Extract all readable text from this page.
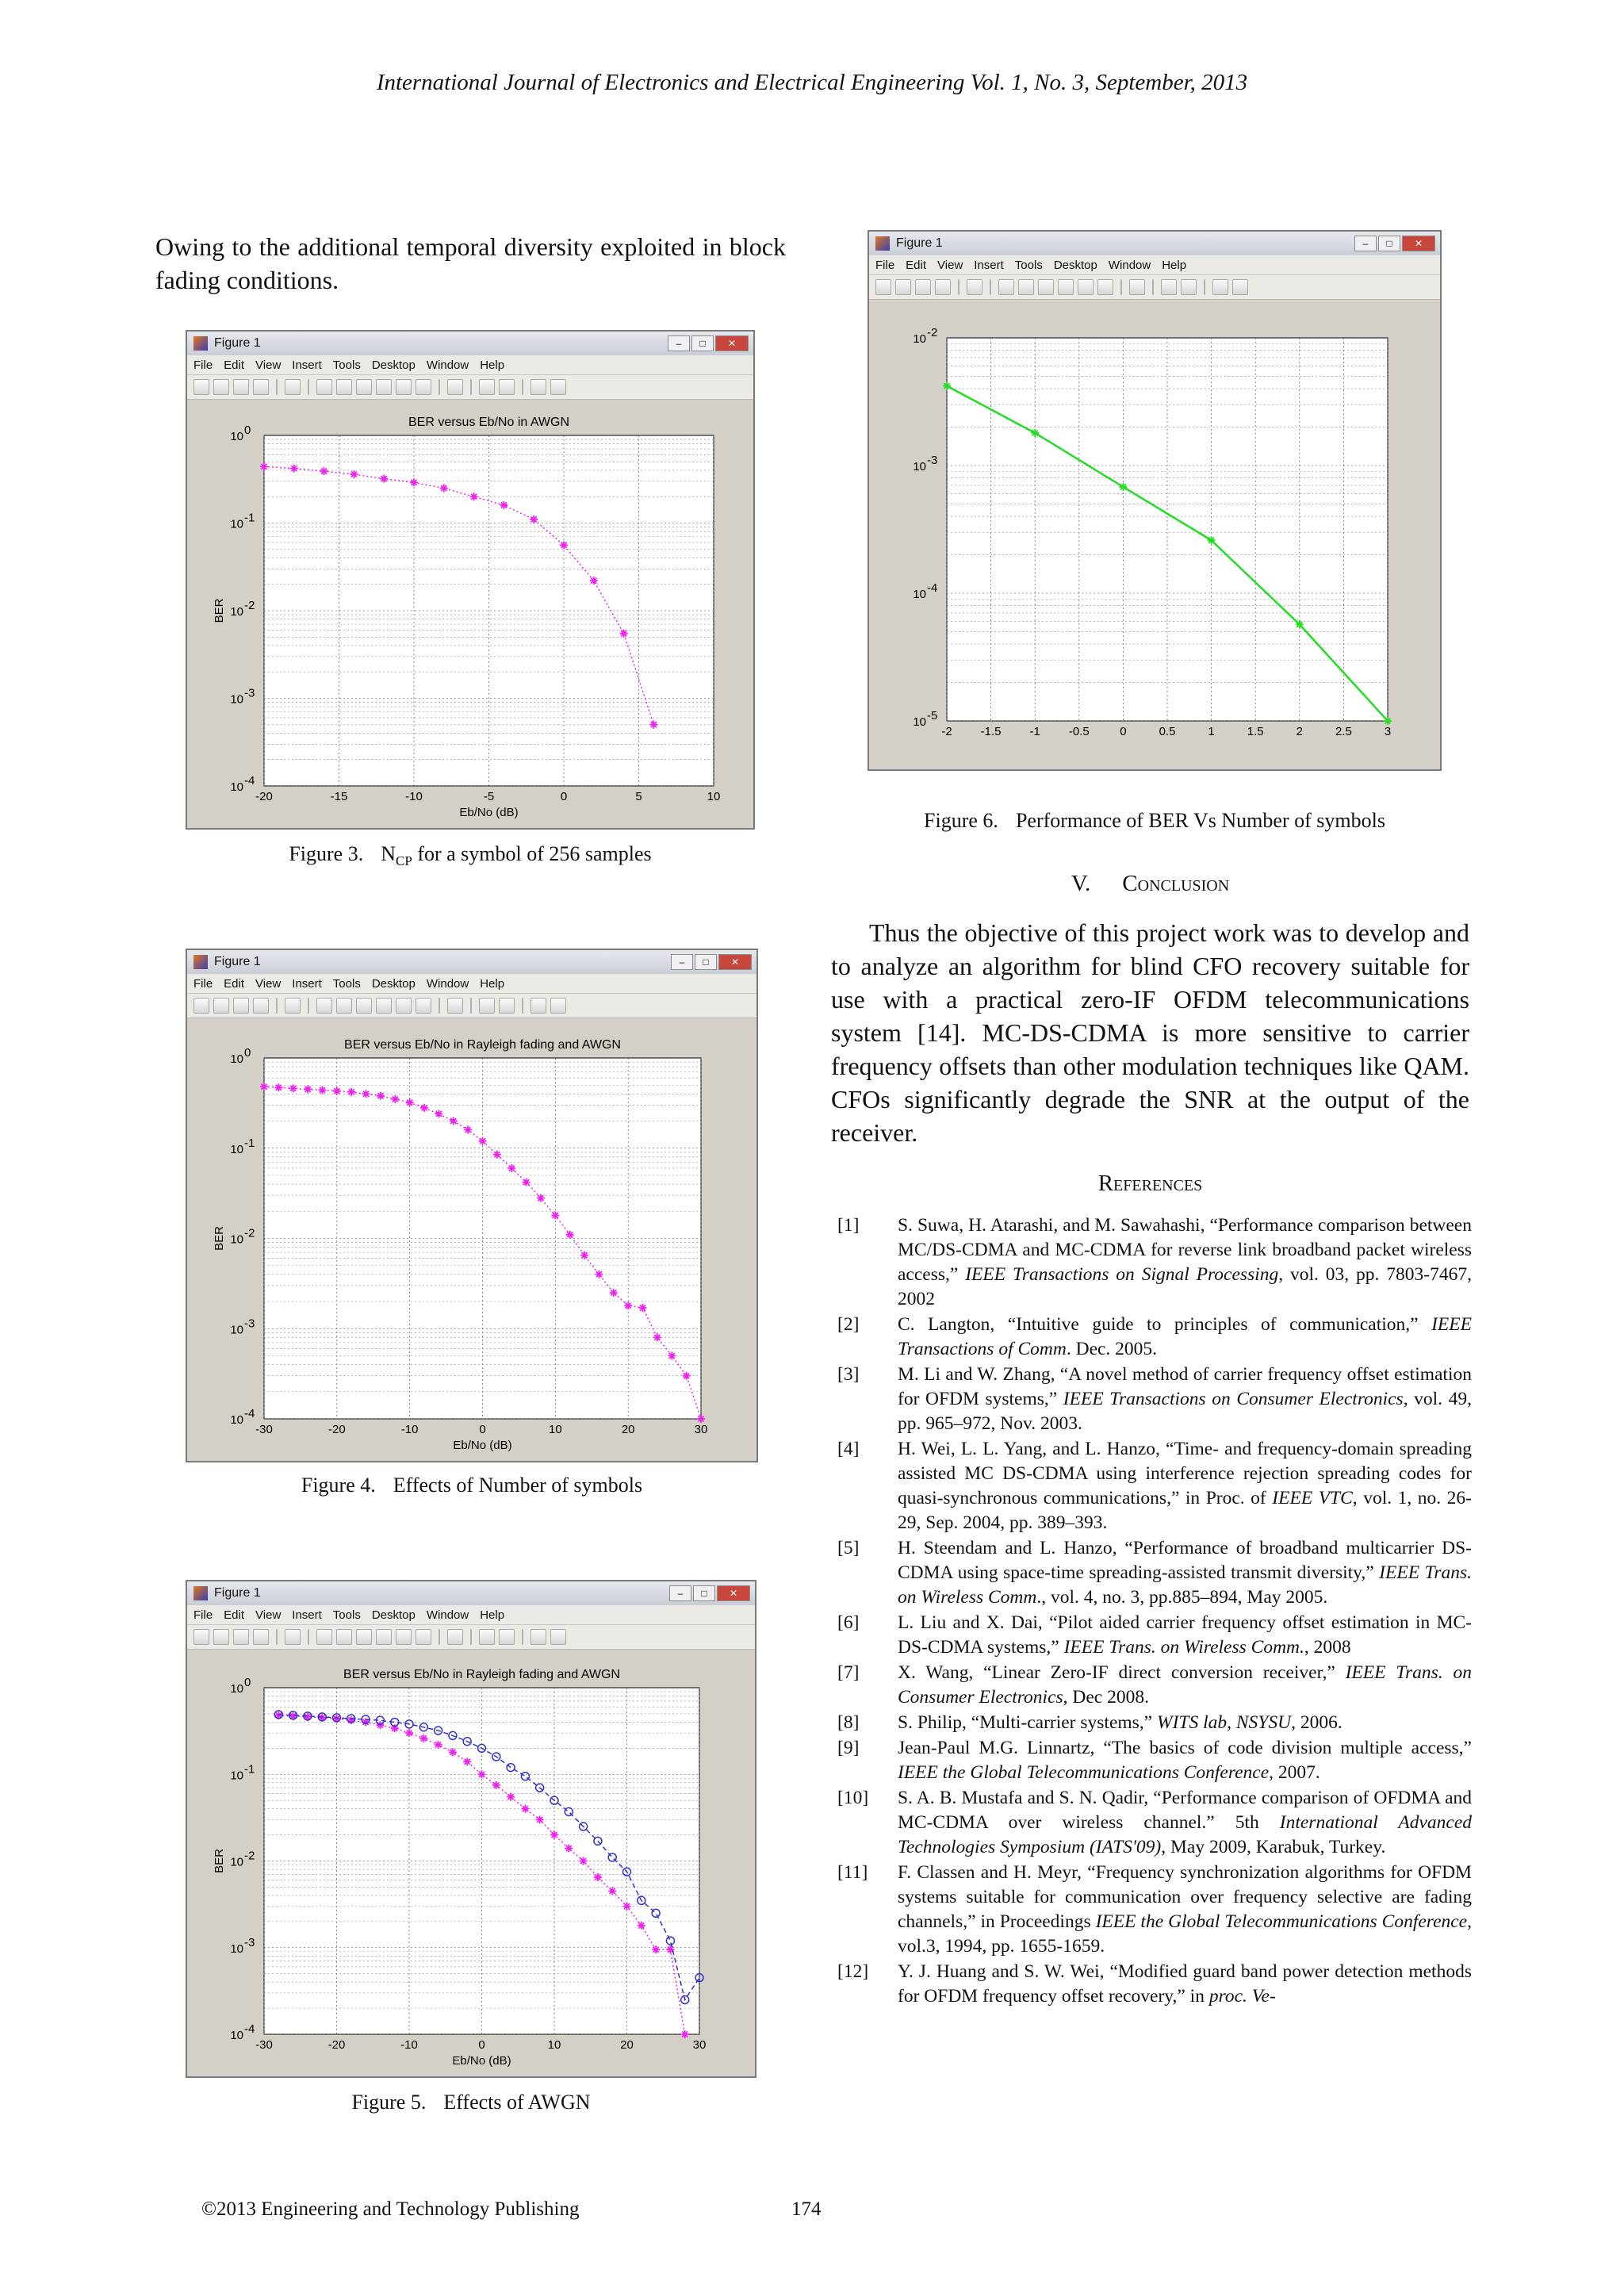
International Journal of Electronics and Electrical Engineering Vol. 1, No. 3, September, 2013
Owing to the additional temporal diversity exploited in block fading conditions.
Figure 1	–	□	✕
File Edit View Insert Tools Desktop Window Help
-20	-15	-10	-5	0	5	10
10 0
10 -1
10 -2
10 -3
10 -4
BER versus Eb/No in AWGN
Eb/No (dB)
BER
Figure 1	–	□	✕
File Edit View Insert Tools Desktop Window Help
-30	-20	-10	0	10	20	30
10 0
10 -1
10 -2
10 -3
10 -4
BER versus Eb/No in Rayleigh fading and AWGN
Eb/No (dB)
BER
Figure 1	–	□	✕
File Edit View Insert Tools Desktop Window Help
-30	-20	-10	0	10	20	30
10 0
10 -1
10 -2
10 -3
10 -4
BER versus Eb/No in Rayleigh fading and AWGN
Eb/No (dB)
BER
Figure 1	–	□	✕
File Edit View Insert Tools Desktop Window Help
-2 -1.5 -1 -0.5	0	0.5	1	1.5	2	2.5	3
10 -2
10 -3
10 -4
10 -5
Figure 3. $N_{CP}$ for a symbol of 256 samples
Figure 4. Effects of Number of symbols
Figure 5. Effects of AWGN
Figure 6. Performance of BER Vs Number of symbols
V. Conclusion
Thus the objective of this project work was to develop and to analyze an algorithm for blind CFO recovery suitable for use with a practical zero-IF OFDM telecommunications system [14]. MC-DS-CDMA is more sensitive to carrier frequency offsets than other modulation techniques like QAM. CFOs significantly degrade the SNR at the output of the receiver.
References
[1]	S. Suwa, H. Atarashi, and M. Sawahashi, “Performance comparison between MC/DS-CDMA and MC-CDMA for reverse link broadband packet wireless access,” IEEE Transactions on Signal Processing, vol. 03, pp. 7803-7467, 2002
[2]	C. Langton, “Intuitive guide to principles of communication,” IEEE Transactions of Comm. Dec. 2005.
[3]	M. Li and W. Zhang, “A novel method of carrier frequency offset estimation for OFDM systems,” IEEE Transactions on Consumer Electronics, vol. 49, pp. 965–972, Nov. 2003.
[4]	H. Wei, L. L. Yang, and L. Hanzo, “Time- and frequency-domain spreading assisted MC DS-CDMA using interference rejection spreading codes for quasi-synchronous communications,” in Proc. of IEEE VTC, vol. 1, no. 26-29, Sep. 2004, pp. 389–393.
[5]	H. Steendam and L. Hanzo, “Performance of broadband multicarrier DS-CDMA using space-time spreading-assisted transmit diversity,” IEEE Trans. on Wireless Comm., vol. 4, no. 3, pp.885–894, May 2005.
[6]	L. Liu and X. Dai, “Pilot aided carrier frequency offset estimation in MC-DS-CDMA systems,” IEEE Trans. on Wireless Comm., 2008
[7]	X. Wang, “Linear Zero-IF direct conversion receiver,” IEEE Trans. on Consumer Electronics, Dec 2008.
[8]	S. Philip, “Multi-carrier systems,” WITS lab, NSYSU, 2006.
[9]	Jean-Paul M.G. Linnartz, “The basics of code division multiple access,” IEEE the Global Telecommunications Conference, 2007.
[10]	S. A. B. Mustafa and S. N. Qadir, “Performance comparison of OFDMA and MC-CDMA over wireless channel.” 5th International Advanced Technologies Symposium (IATS'09), May 2009, Karabuk, Turkey.
[11]	F. Classen and H. Meyr, “Frequency synchronization algorithms for OFDM systems suitable for communication over frequency selective are fading channels,” in Proceedings IEEE the Global Telecommunications Conference, vol.3, 1994, pp. 1655-1659.
[12]	Y. J. Huang and S. W. Wei, “Modified guard band power detection methods for OFDM frequency offset recovery,” in proc. Ve-
©2013 Engineering and Technology Publishing	174
